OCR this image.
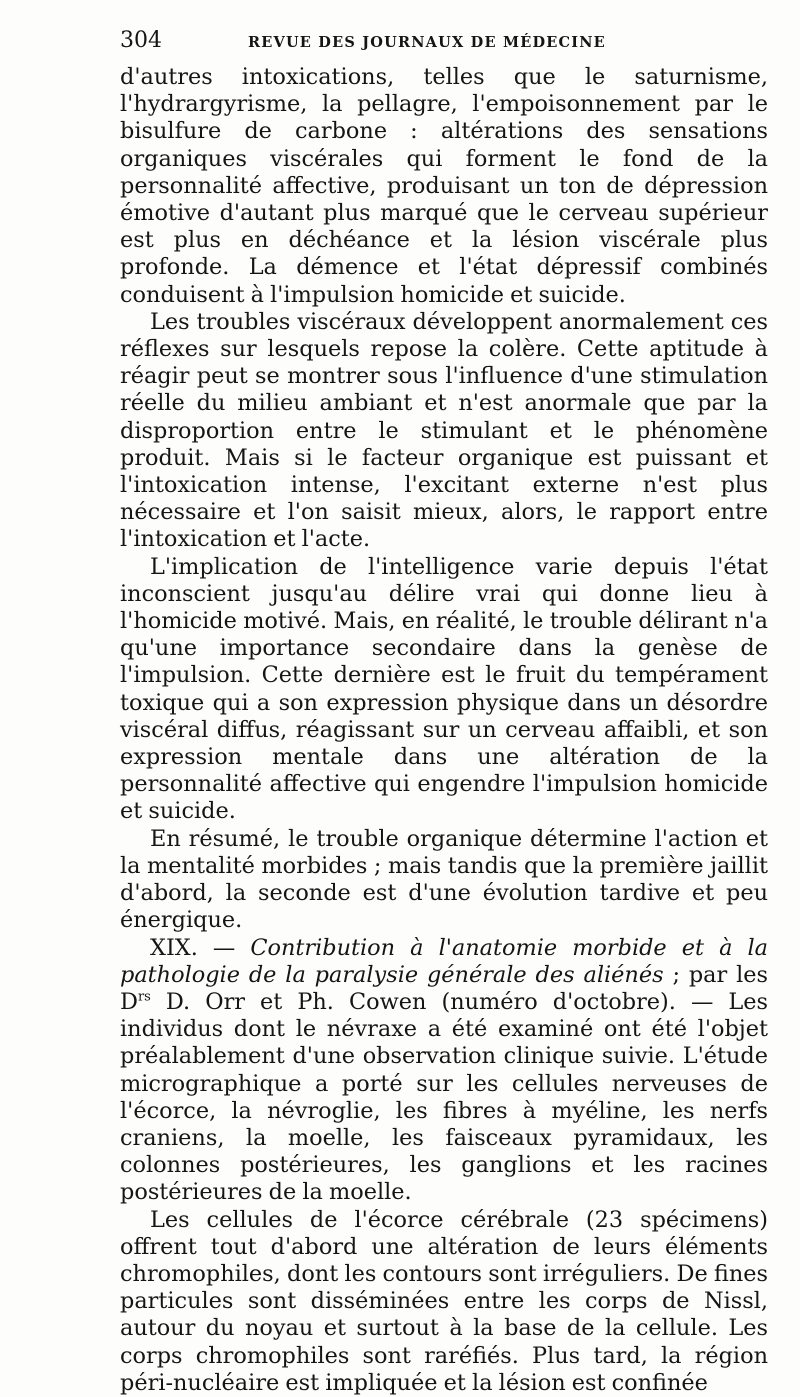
304	REVUE DES JOURNAUX DE MÉDECINE

d'autres intoxications, telles que le saturnisme, l'hydrargyrisme, la pellagre, l'empoisonnement par le bisulfure de carbone : altérations des sensations organiques viscérales qui forment le fond de la personnalité affective, produisant un ton de dépression émotive d'autant plus marqué que le cerveau supérieur est plus en déchéance et la lésion viscérale plus profonde. La démence et l'état dépressif combinés conduisent à l'impulsion homicide et suicide.

Les troubles viscéraux développent anormalement ces réflexes sur lesquels repose la colère. Cette aptitude à réagir peut se montrer sous l'influence d'une stimulation réelle du milieu ambiant et n'est anormale que par la disproportion entre le stimulant et le phénomène produit. Mais si le facteur organique est puissant et l'intoxication intense, l'excitant externe n'est plus nécessaire et l'on saisit mieux, alors, le rapport entre l'intoxication et l'acte.

L'implication de l'intelligence varie depuis l'état inconscient jusqu'au délire vrai qui donne lieu à l'homicide motivé. Mais, en réalité, le trouble délirant n'a qu'une importance secondaire dans la genèse de l'impulsion. Cette dernière est le fruit du tempérament toxique qui a son expression physique dans un désordre viscéral diffus, réagissant sur un cerveau affaibli, et son expression mentale dans une altération de la personnalité affective qui engendre l'impulsion homicide et suicide.

En résumé, le trouble organique détermine l'action et la mentalité morbides ; mais tandis que la première jaillit d'abord, la seconde est d'une évolution tardive et peu énergique.

XIX. — Contribution à l'anatomie morbide et à la pathologie de la paralysie générale des aliénés ; par les $D^{rs}$ D. Orr et Ph. Cowen (numéro d'octobre). — Les individus dont le névraxe a été examiné ont été l'objet préalablement d'une observation clinique suivie. L'étude micrographique a porté sur les cellules nerveuses de l'écorce, la névroglie, les fibres à myéline, les nerfs craniens, la moelle, les faisceaux pyramidaux, les colonnes postérieures, les ganglions et les racines postérieures de la moelle.

Les cellules de l'écorce cérébrale (23 spécimens) offrent tout d'abord une altération de leurs éléments chromophiles, dont les contours sont irréguliers. De fines particules sont disséminées entre les corps de Nissl, autour du noyau et surtout à la base de la cellule. Les corps chromophiles sont raréfiés. Plus tard, la région péri-nucléaire est impliquée et la lésion est confinée
